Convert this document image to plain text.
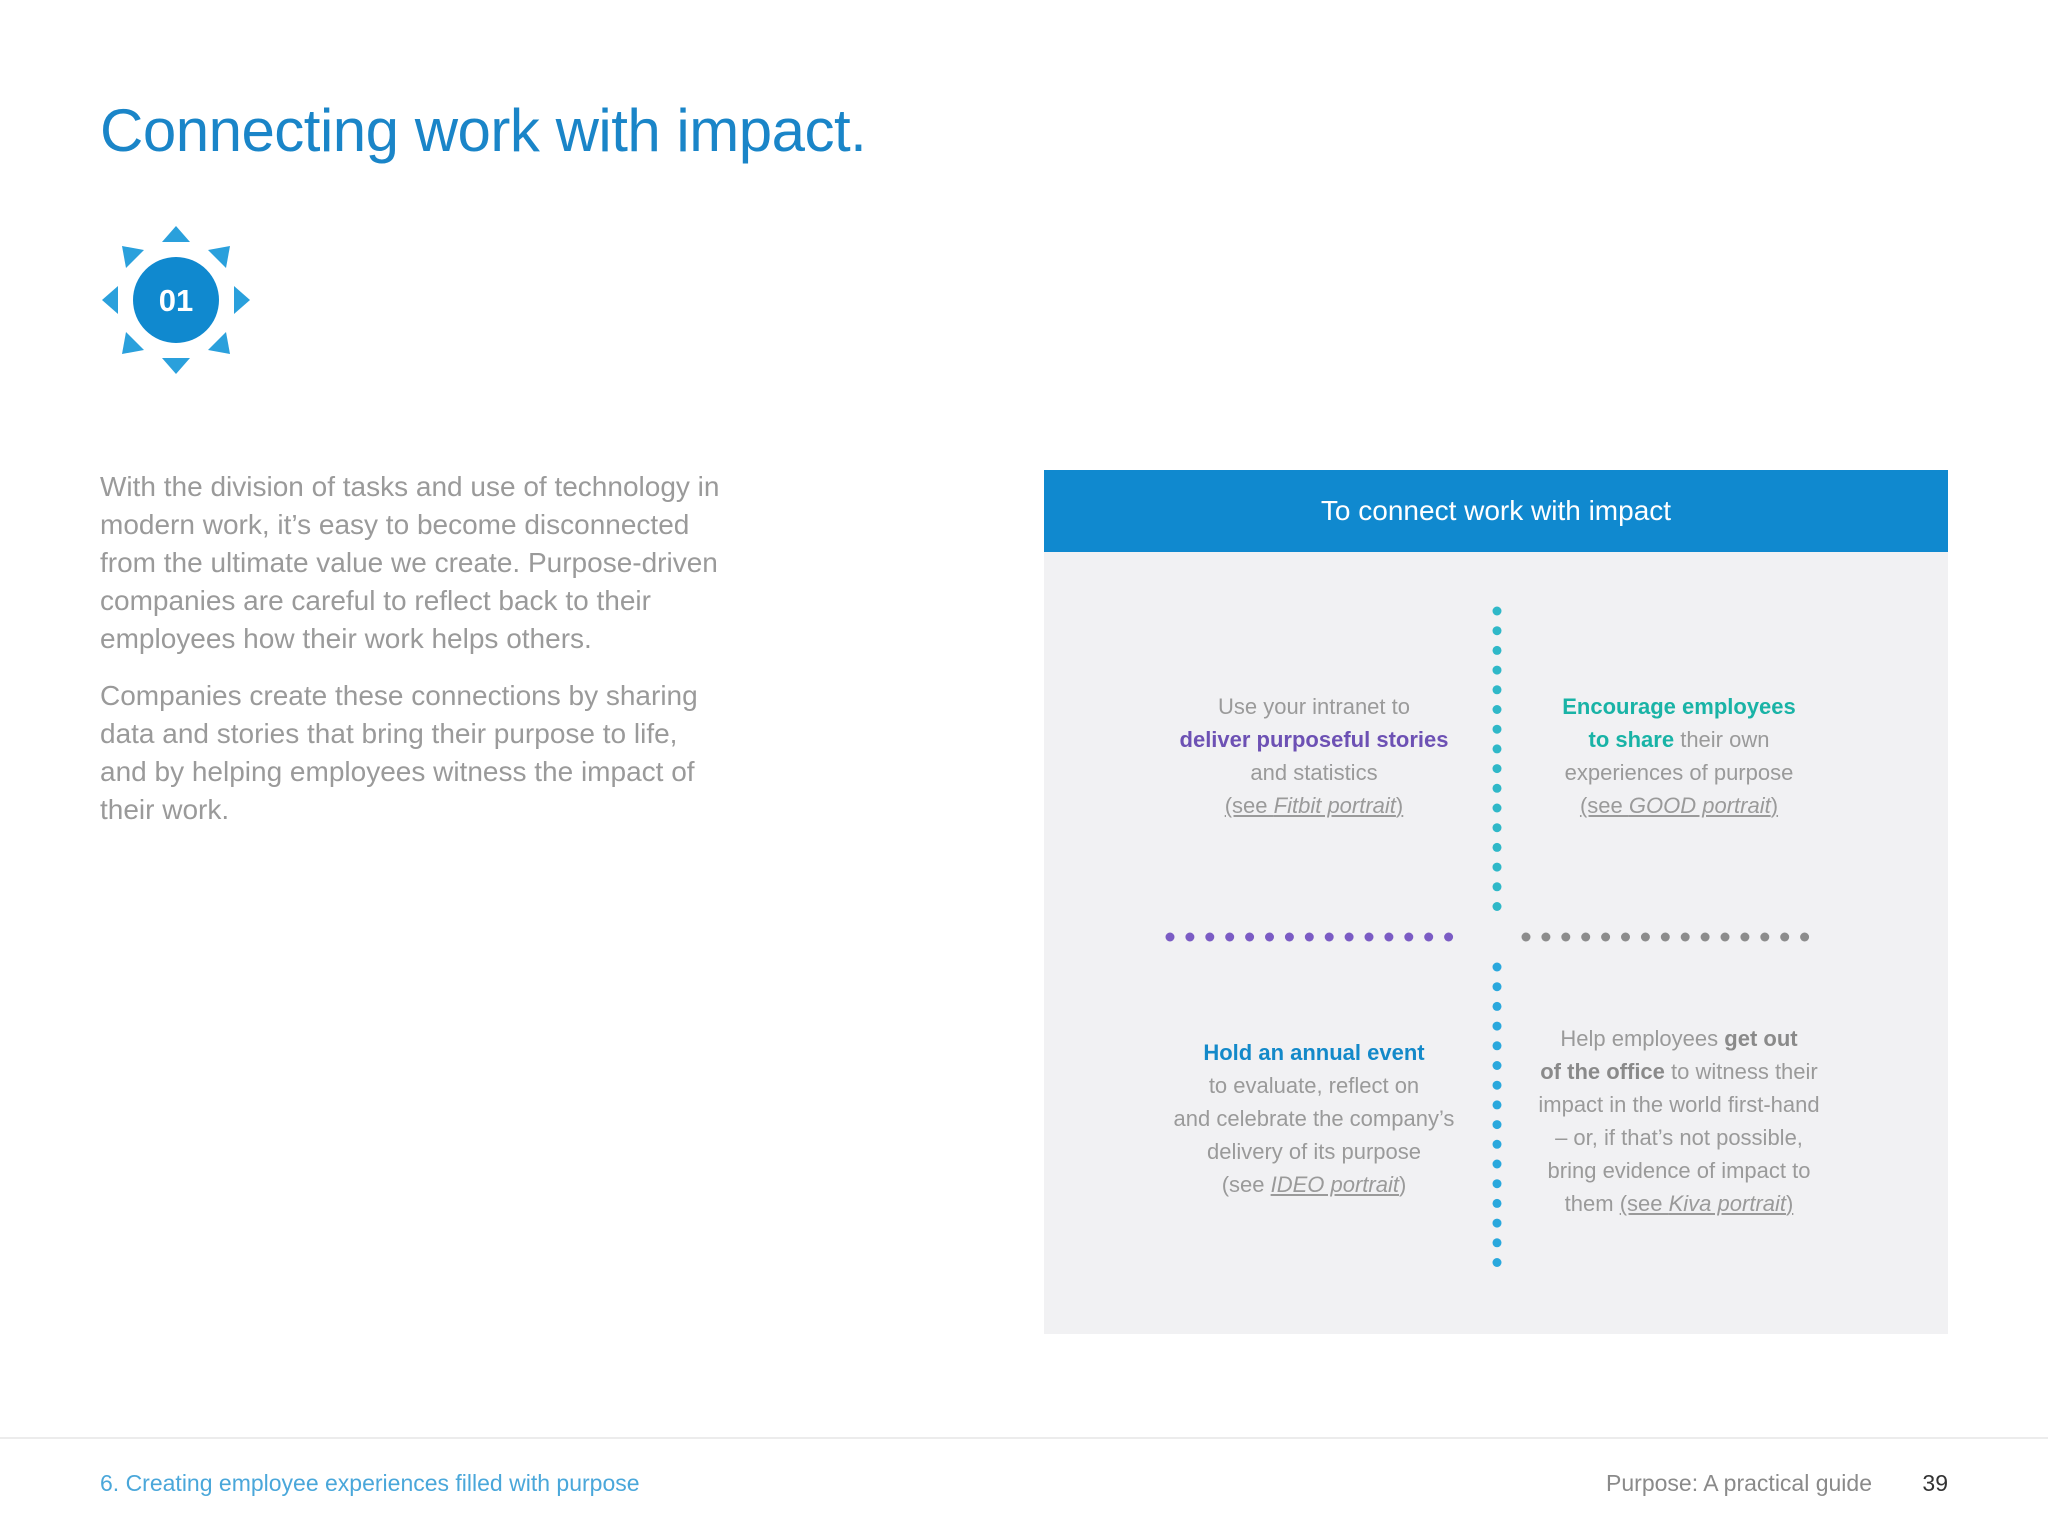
Connecting work with impact.
01

With the division of tasks and use of technology in modern work, it’s easy to become disconnected from the ultimate value we create. Purpose-driven companies are careful to reflect back to their employees how their work helps others.

Companies create these connections by sharing data and stories that bring their purpose to life, and by helping employees witness the impact of their work.

To connect work with impact
Use your intranet to
deliver purposeful stories
and statistics
(see Fitbit portrait)
Encourage employees
to share their own
experiences of purpose
(see GOOD portrait)
Hold an annual event
to evaluate, reflect on
and celebrate the company’s
delivery of its purpose
(see IDEO portrait)
Help employees get out
of the office to witness their
impact in the world first-hand
– or, if that’s not possible,
bring evidence of impact to
them (see Kiva portrait)
6. Creating employee experiences filled with purpose	Purpose: A practical guide 39
